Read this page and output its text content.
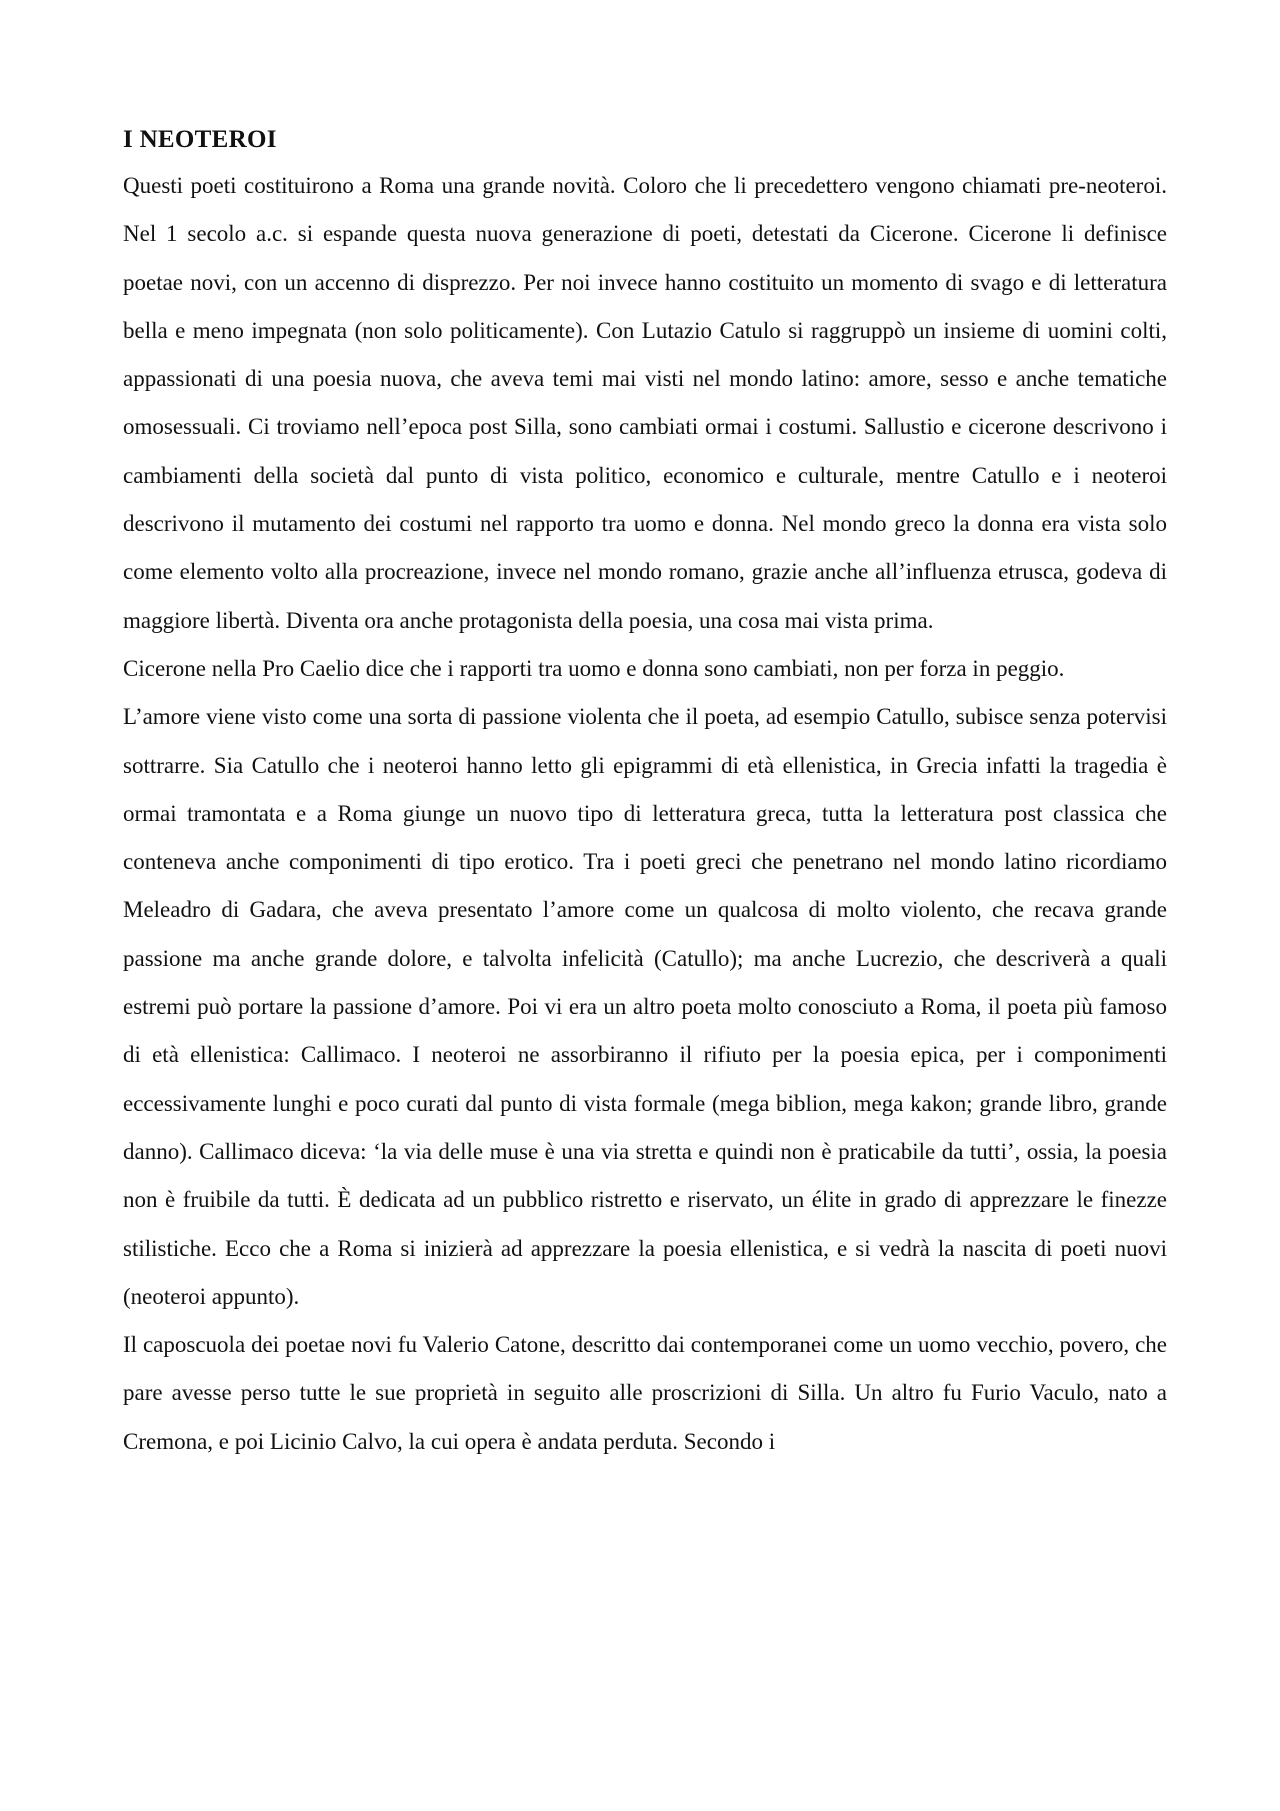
I NEOTEROI

Questi poeti costituirono a Roma una grande novità. Coloro che li precedettero vengono chiamati pre-neoteroi. Nel 1 secolo a.c. si espande questa nuova generazione di poeti, detestati da Cicerone. Cicerone li definisce poetae novi, con un accenno di disprezzo. Per noi invece hanno costituito un momento di svago e di letteratura bella e meno impegnata (non solo politicamente). Con Lutazio Catulo si raggruppò un insieme di uomini colti, appassionati di una poesia nuova, che aveva temi mai visti nel mondo latino: amore, sesso e anche tematiche omosessuali. Ci troviamo nell’epoca post Silla, sono cambiati ormai i costumi. Sallustio e cicerone descrivono i cambiamenti della società dal punto di vista politico, economico e culturale, mentre Catullo e i neoteroi descrivono il mutamento dei costumi nel rapporto tra uomo e donna. Nel mondo greco la donna era vista solo come elemento volto alla procreazione, invece nel mondo romano, grazie anche all’influenza etrusca, godeva di maggiore libertà. Diventa ora anche protagonista della poesia, una cosa mai vista prima.

Cicerone nella Pro Caelio dice che i rapporti tra uomo e donna sono cambiati, non per forza in peggio.

L’amore viene visto come una sorta di passione violenta che il poeta, ad esempio Catullo, subisce senza potervisi sottrarre. Sia Catullo che i neoteroi hanno letto gli epigrammi di età ellenistica, in Grecia infatti la tragedia è ormai tramontata e a Roma giunge un nuovo tipo di letteratura greca, tutta la letteratura post classica che conteneva anche componimenti di tipo erotico. Tra i poeti greci che penetrano nel mondo latino ricordiamo Meleadro di Gadara, che aveva presentato l’amore come un qualcosa di molto violento, che recava grande passione ma anche grande dolore, e talvolta infelicità (Catullo); ma anche Lucrezio, che descriverà a quali estremi può portare la passione d’amore. Poi vi era un altro poeta molto conosciuto a Roma, il poeta più famoso di età ellenistica: Callimaco. I neoteroi ne assorbiranno il rifiuto per la poesia epica, per i componimenti eccessivamente lunghi e poco curati dal punto di vista formale (mega biblion, mega kakon; grande libro, grande danno). Callimaco diceva: ‘la via delle muse è una via stretta e quindi non è praticabile da tutti’, ossia, la poesia non è fruibile da tutti. È dedicata ad un pubblico ristretto e riservato, un élite in grado di apprezzare le finezze stilistiche. Ecco che a Roma si inizierà ad apprezzare la poesia ellenistica, e si vedrà la nascita di poeti nuovi (neoteroi appunto).

Il caposcuola dei poetae novi fu Valerio Catone, descritto dai contemporanei come un uomo vecchio, povero, che pare avesse perso tutte le sue proprietà in seguito alle proscrizioni di Silla. Un altro fu Furio Vaculo, nato a Cremona, e poi Licinio Calvo, la cui opera è andata perduta. Secondo i
